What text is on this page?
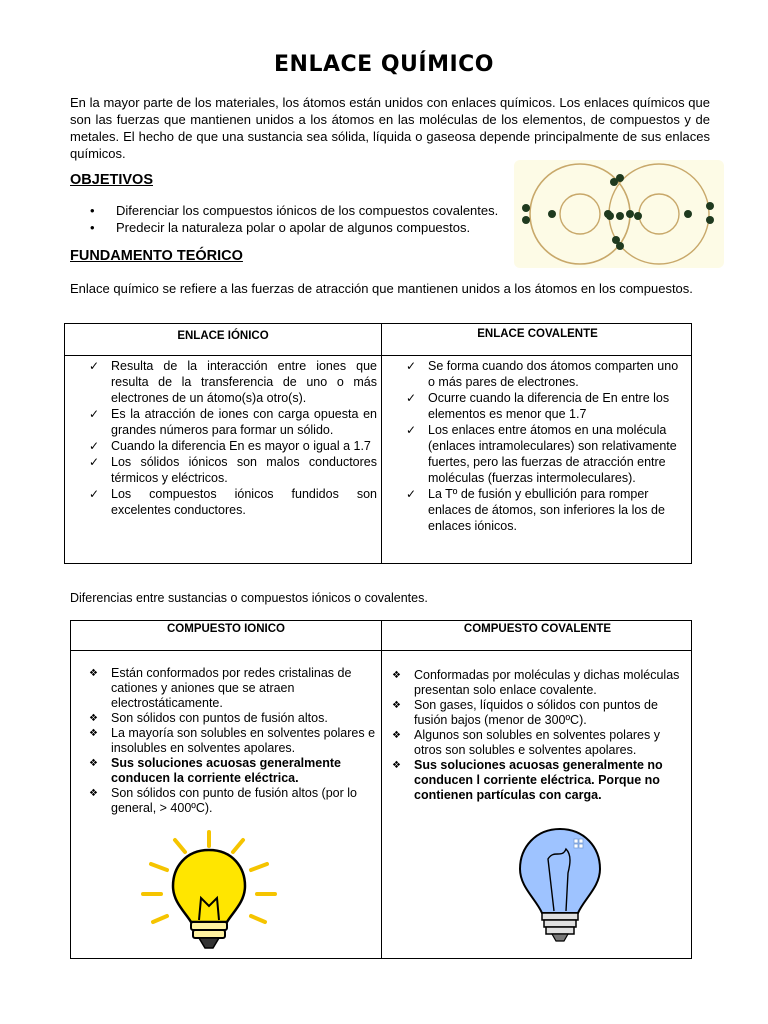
ENLACE QUÍMICO
En la mayor parte de los materiales, los átomos están unidos con enlaces químicos. Los enlaces químicos que son las fuerzas que mantienen unidos a los átomos en las moléculas de los elementos, de compuestos y de metales. El hecho de que una sustancia sea sólida, líquida o gaseosa depende principalmente de sus enlaces químicos.
OBJETIVOS
• Diferenciar los compuestos iónicos de los compuestos covalentes.
• Predecir la naturaleza polar o apolar de algunos compuestos.
FUNDAMENTO TEÓRICO
Enlace químico se refiere a las fuerzas de atracción que mantienen unidos a los átomos en los compuestos.
ENLACE IÓNICO
✓ Resulta de la interacción entre iones que resulta de la transferencia de uno o más electrones de un átomo(s)a otro(s).
✓ Es la atracción de iones con carga opuesta en grandes números para formar un sólido.
✓ Cuando la diferencia En es mayor o igual a 1.7
✓ Los sólidos iónicos son malos conductores térmicos y eléctricos.
✓ Los compuestos iónicos fundidos son excelentes conductores.
ENLACE COVALENTE
✓ Se forma cuando dos átomos comparten uno o más pares de electrones.
✓ Ocurre cuando la diferencia de En entre los elementos es menor que 1.7
✓ Los enlaces entre átomos en una molécula (enlaces intramoleculares) son relativamente fuertes, pero las fuerzas de atracción entre moléculas (fuerzas intermoleculares).
✓ La Tº de fusión y ebullición para romper enlaces de átomos, son inferiores la los de enlaces iónicos.
Diferencias entre sustancias o compuestos iónicos o covalentes.
COMPUESTO IONICO
❖ Están conformados por redes cristalinas de cationes y aniones que se atraen electrostáticamente.
❖ Son sólidos con puntos de fusión altos.
❖ La mayoría son solubles en solventes polares e insolubles en solventes apolares.
❖ Sus soluciones acuosas generalmente conducen la corriente eléctrica.
❖ Son sólidos con punto de fusión altos (por lo general, > 400ºC).
COMPUESTO COVALENTE
❖ Conformadas por moléculas y dichas moléculas presentan solo enlace covalente.
❖ Son gases, líquidos o sólidos con puntos de fusión bajos (menor de 300ºC).
❖ Algunos son solubles en solventes polares y otros son solubles e solventes apolares.
❖ Sus soluciones acuosas generalmente no conducen l corriente eléctrica. Porque no contienen partículas con carga.
